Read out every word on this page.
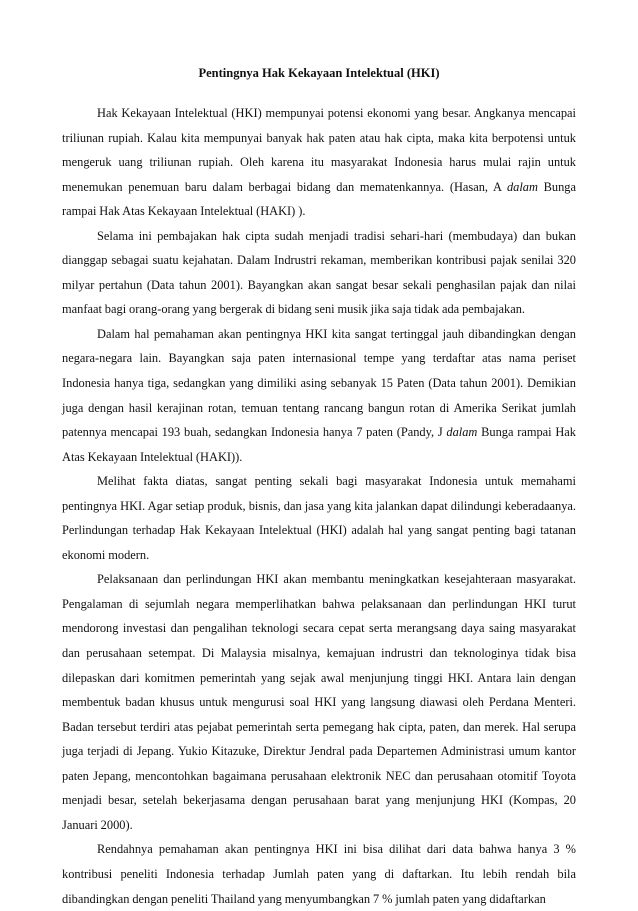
Pentingnya Hak Kekayaan Intelektual (HKI)

Hak Kekayaan Intelektual (HKI) mempunyai potensi ekonomi yang besar. Angkanya mencapai triliunan rupiah. Kalau kita mempunyai banyak hak paten atau hak cipta, maka kita berpotensi untuk mengeruk uang triliunan rupiah. Oleh karena itu masyarakat Indonesia harus mulai rajin untuk menemukan penemuan baru dalam berbagai bidang dan mematenkannya. (Hasan, A dalam Bunga rampai Hak Atas Kekayaan Intelektual (HAKI) ).

Selama ini pembajakan hak cipta sudah menjadi tradisi sehari-hari (membudaya) dan bukan dianggap sebagai suatu kejahatan. Dalam Indrustri rekaman, memberikan kontribusi pajak senilai 320 milyar pertahun (Data tahun 2001). Bayangkan akan sangat besar sekali penghasilan pajak dan nilai manfaat bagi orang-orang yang bergerak di bidang seni musik jika saja tidak ada pembajakan.

Dalam hal pemahaman akan pentingnya HKI kita sangat tertinggal jauh dibandingkan dengan negara-negara lain. Bayangkan saja paten internasional tempe yang terdaftar atas nama periset Indonesia hanya tiga, sedangkan yang dimiliki asing sebanyak 15 Paten (Data tahun 2001). Demikian juga dengan hasil kerajinan rotan, temuan tentang rancang bangun rotan di Amerika Serikat jumlah patennya mencapai 193 buah, sedangkan Indonesia hanya 7 paten (Pandy, J dalam Bunga rampai Hak Atas Kekayaan Intelektual (HAKI)).

Melihat fakta diatas, sangat penting sekali bagi masyarakat Indonesia untuk memahami pentingnya HKI. Agar setiap produk, bisnis, dan jasa yang kita jalankan dapat dilindungi keberadaanya. Perlindungan terhadap Hak Kekayaan Intelektual (HKI) adalah hal yang sangat penting bagi tatanan ekonomi modern.

Pelaksanaan dan perlindungan HKI akan membantu meningkatkan kesejahteraan masyarakat. Pengalaman di sejumlah negara memperlihatkan bahwa pelaksanaan dan perlindungan HKI turut mendorong investasi dan pengalihan teknologi secara cepat serta merangsang daya saing masyarakat dan perusahaan setempat. Di Malaysia misalnya, kemajuan indrustri dan teknologinya tidak bisa dilepaskan dari komitmen pemerintah yang sejak awal menjunjung tinggi HKI. Antara lain dengan membentuk badan khusus untuk mengurusi soal HKI yang langsung diawasi oleh Perdana Menteri. Badan tersebut terdiri atas pejabat pemerintah serta pemegang hak cipta, paten, dan merek. Hal serupa juga terjadi di Jepang. Yukio Kitazuke, Direktur Jendral pada Departemen Administrasi umum kantor paten Jepang, mencontohkan bagaimana perusahaan elektronik NEC dan perusahaan otomitif Toyota menjadi besar, setelah bekerjasama dengan perusahaan barat yang menjunjung HKI (Kompas, 20 Januari 2000).

Rendahnya pemahaman akan pentingnya HKI ini bisa dilihat dari data bahwa hanya 3 % kontribusi peneliti Indonesia terhadap Jumlah paten yang di daftarkan. Itu lebih rendah bila dibandingkan dengan peneliti Thailand yang menyumbangkan 7 % jumlah paten yang didaftarkan
